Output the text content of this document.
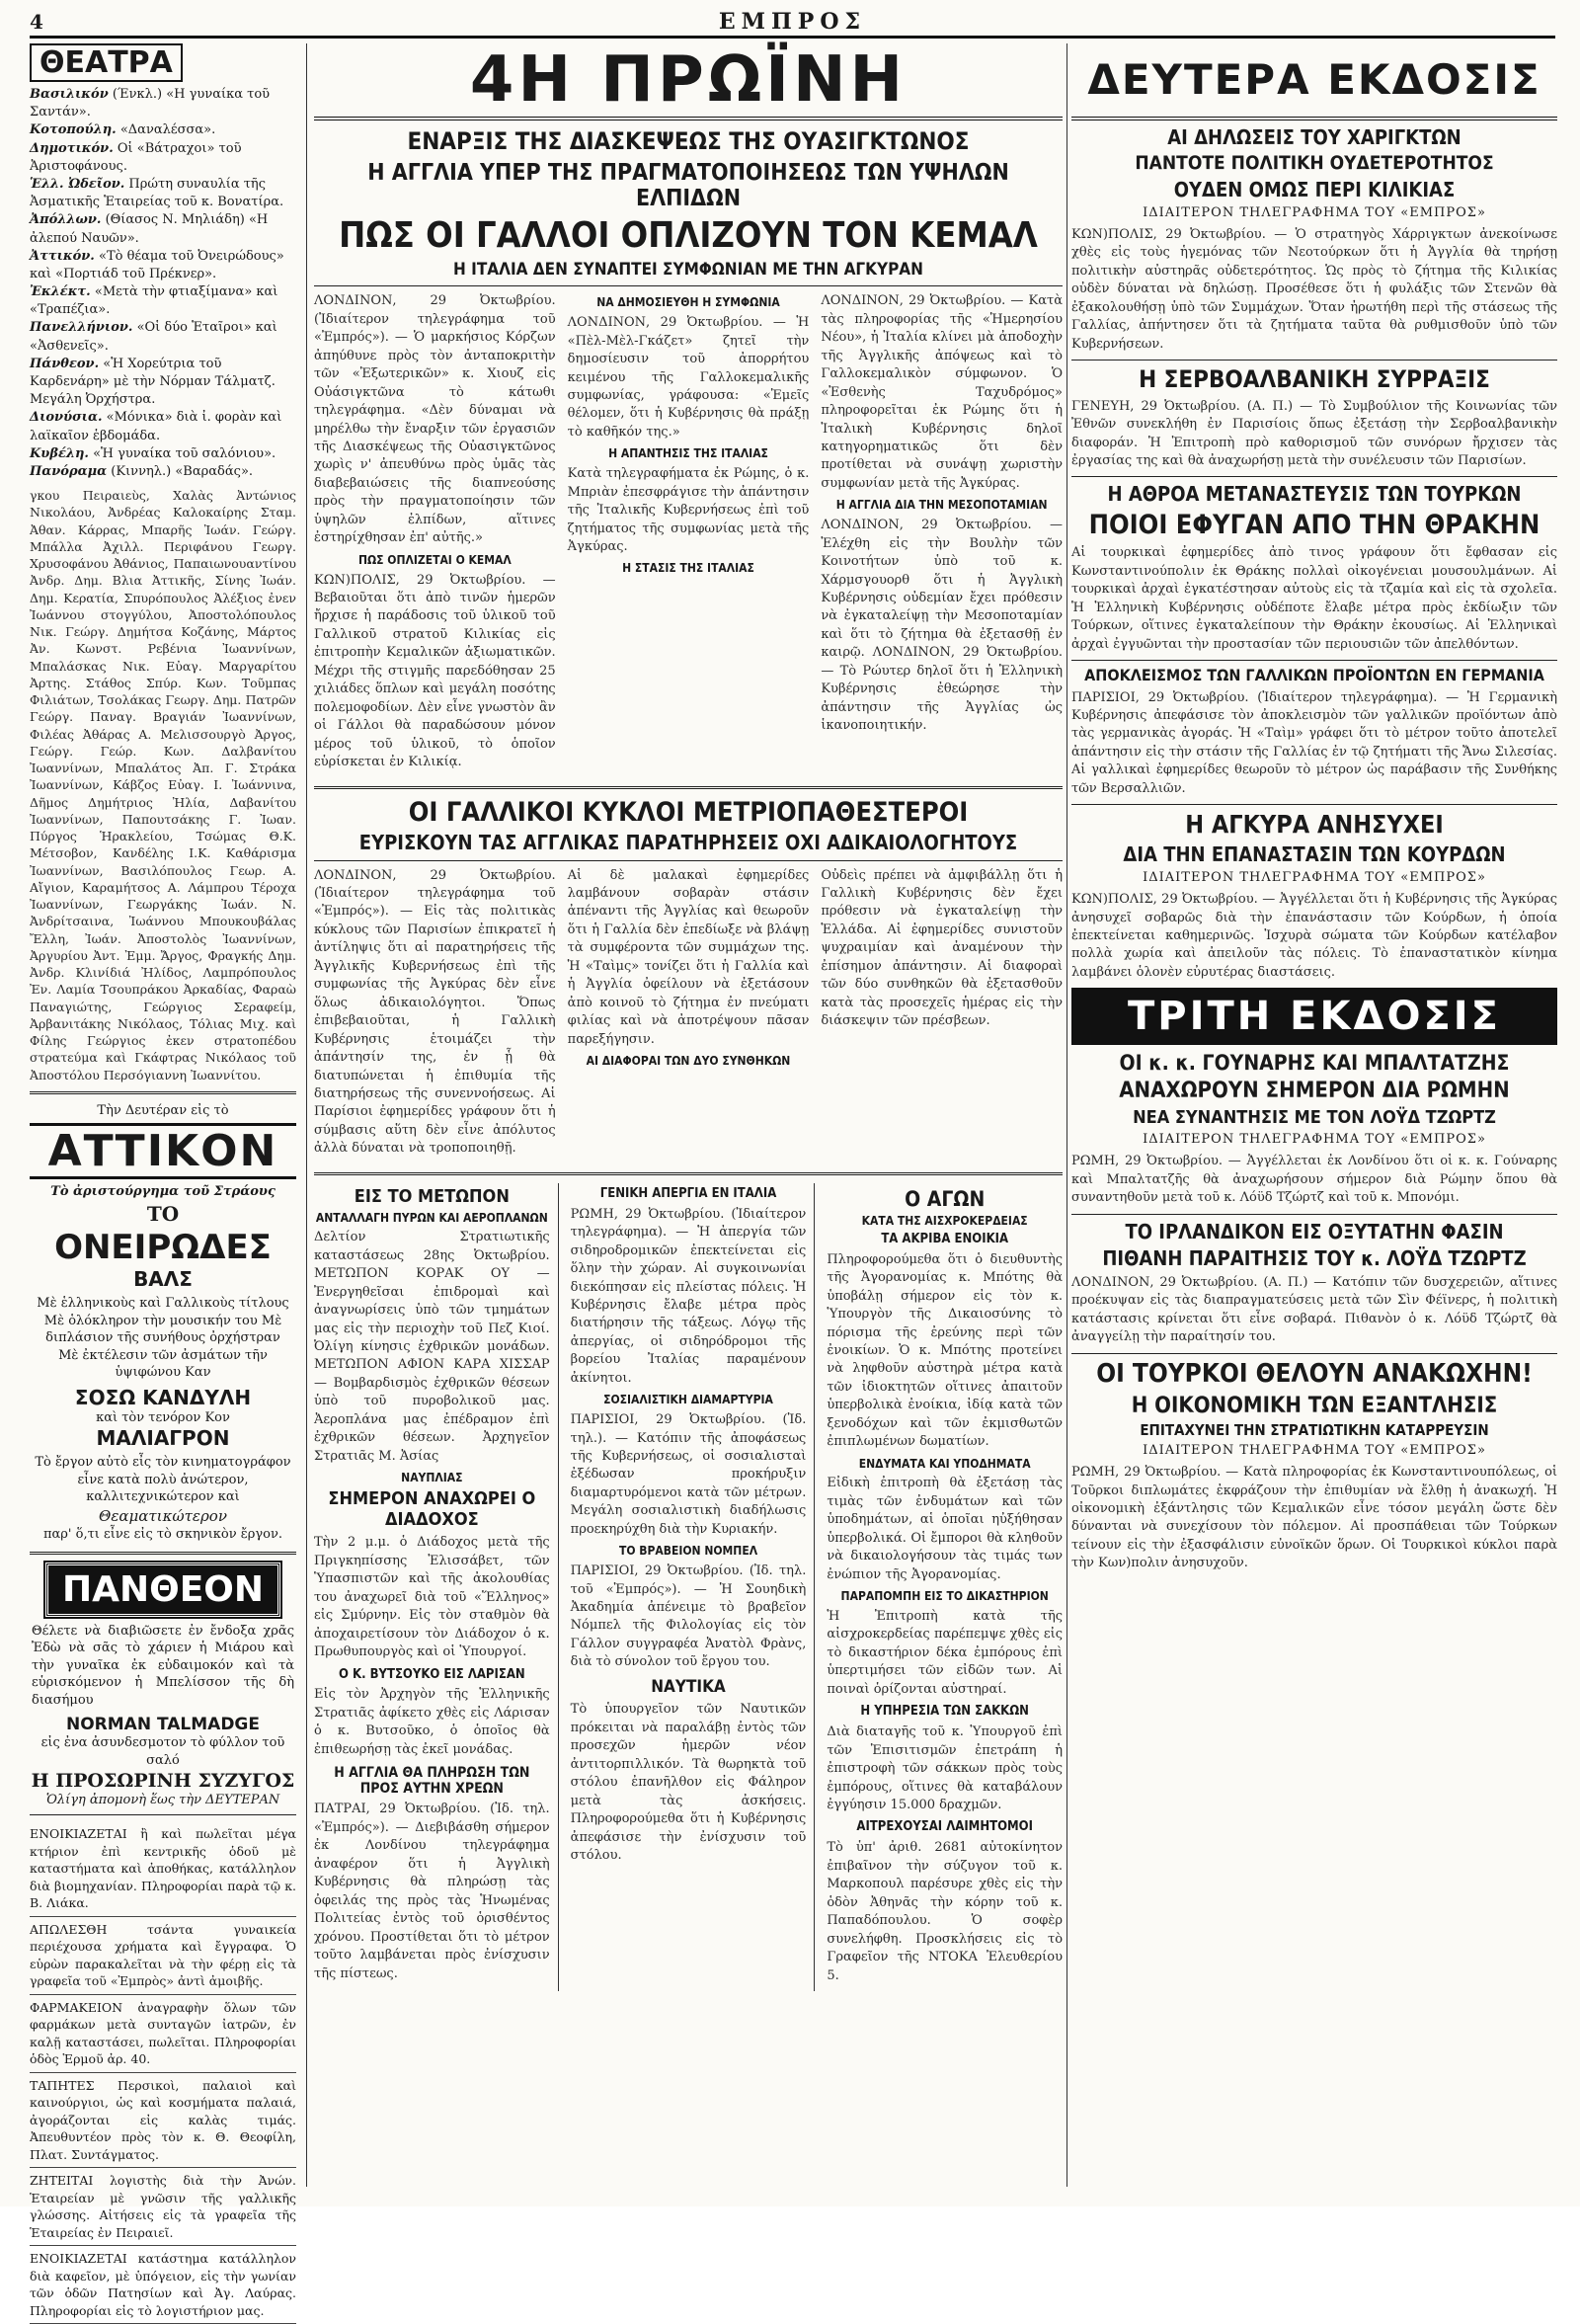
4	ΕΜΠΡΟΣ
ΘΕΑΤΡΑ

Βασιλικόν (Ένκλ.) «Η γυναίκα τοῦ Σαντάν».

Κοτοπούλη. «Δαναλέσσα».

Δημοτικόν. Οἱ «Βάτραχοι» τοῦ Ἀριστοφάνους.

Ἑλλ. Ὠδεῖον. Πρώτη συναυλία τῆς Ἀσματικῆς Ἑταιρείας τοῦ κ. Βονατίρα.

Ἀπόλλων. (Θίασος Ν. Μηλιάδη) «Η ἀλεπού Ναυῶν».

Ἀττικόν. «Τὸ θέαμα τοῦ Ὀνειρώδους» καὶ «Πορτιάδ τοῦ Πρέκνερ».

Ἐκλέκτ. «Μετὰ τὴν φτιαξίμανα» καὶ «Τραπέζια».

Πανελλήνιον. «Οἱ δύο Ἑταῖροι» καὶ «Ἀσθενεῖς».

Πάνθεον. «Ἡ Χορεύτρια τοῦ Καρδενάρη» μὲ τὴν Νόρμαν Τάλματζ. Μεγάλη Ὀρχήστρα.

Διονύσια. «Μόνικα» διὰ ἰ. φορὰν καὶ λαϊκαῖον ἑβδομάδα.

Κυβέλη. «Ἡ γυναίκα τοῦ σαλόνιου».

Πανόραμα (Κιννηλ.) «Βαραδάς».

γκου Πειραιεὺς, Χαλὰς Ἀντώνιος Νικολάου, Ἀνδρέας Καλοκαίρης Σταμ. Ἀθαν. Κάρρας, Μπαρῆς Ἰωάν. Γεώργ. Μπάλλα Ἀχιλλ. Περιφάνου Γεωργ. Χρυσοφάνου Ἀθάνιος, Παπαιωνουαντίνου Ἀνδρ. Δημ. Βλια Ἀττικῆς, Σίνης Ἰωάν. Δημ. Κερατία, Σπυρόπουλος Ἀλέξιος ἐνεν Ἰωάννου στογγύλου, Ἀποστολόπουλος Νικ. Γεώργ. Δημήτσα Κοζάνης, Μάρτος Ἀν. Κωνστ. Ρεβένια Ἰωαννίνων, Μπαλάσκας Νικ. Εὐαγ. Μαργαρίτου Ἀρτης. Στάθος Σπύρ. Κων. Τοῦμπας Φιλιάτων, Τσολάκας Γεωργ. Δημ. Πατρῶν Γεώργ. Παναγ. Βραγιάν Ἰωαννίνων, Φιλέας Ἀθάρας Α. Μελισσουργὸ Ἀργος, Γεώργ. Γεώρ. Κων. Δαλβανίτου Ἰωαννίνων, Μπαλάτος Ἀπ. Γ. Στράκα Ἰωαννίνων, Κάβζος Εὐαγ. Ι. Ἰωάννινα, Δῆμος Δημήτριος Ἠλία, Δαβανίτου Ἰωαννίνων, Παπουτσάκης Γ. Ἰωαν. Πύργος Ἡρακλείου, Τσώμας Θ.Κ. Μέτσοβον, Κανδέλης Ι.Κ. Καθάρισμα Ἰωαννίνων, Βασιλόπουλος Γεωρ. Α. Αἴγιον, Καραμήτσος Α. Λάμπρου Τέροχα Ἰωαννίνων, Γεωργάκης Ἰωάν. Ν. Ἀνδρίτσαινα, Ἰωάννου Μπουκουβάλας Ἔλλη, Ἰωάν. Ἀποστολὸς Ἰωαννίνων, Ἀργυρίου Ἀντ. Ἐμμ. Ἄργος, Φραγκής Δημ. Ἀνδρ. Κλινίδιά Ἠλίδος, Λαμπρόπουλος Ἐν. Λαμία Τσουπράκου Ἀρκαδίας, Φαραὼ Παναγιώτης, Γεώργιος Σεραφείμ, Ἀρβανιτάκης Νικόλαος, Τόλιας Μιχ. καὶ Φίλης Γεώργιος ἐκεν στρατοπέδου στρατεύμα καὶ Γκάφτρας Νικόλαος τοῦ Ἀποστόλου Περσόγιαννη Ἰωαννίτου.

Τὴν Δευτέραν εἰς τὸ
ΑΤΤΙΚΟΝ
Τὸ ἀριστούργημα τοῦ Στράους
ΤΟ
ΟΝΕΙΡΩΔΕΣ
ΒΑΛΣ
Μὲ ἑλληνικοὺς καὶ Γαλλικοὺς τίτλους Μὲ ὁλόκληρον τὴν μουσικήν του Μὲ διπλάσιον τῆς συνήθους ὀρχήστραν Μὲ ἐκτέλεσιν τῶν ἀσμάτων τῆν ὑψιφώνου Καν
ΣΟΣΩ ΚΑΝΔΥΛΗ
καὶ τὸν τενόρον Κον
ΜΑΛΙΑΓΡΟΝ
Τὸ ἔργον αὐτὸ εἶς τὸν κινηματογράφον εἶνε κατὰ πολὺ ἀνώτερον, καλλιτεχνικώτερον καὶ
Θεαματικώτερον
παρ' ὅ,τι εἶνε εἰς τὸ σκηνικὸν ἔργον.
ΠΑΝΘΕΟΝ
Θέλετε νὰ διαβιῶσετε ἐν ἔνδοξα χρᾶς Ἐδὼ νὰ σᾶς τὸ χάριεν ἡ Μιάρου καὶ τὴν γυναῖκα ἐκ εὐδαιμοκόν καὶ τὰ εὑρισκόμενον ἡ Μπελίσσον τῆς δὴ διασήμου
NORMAN TALMADGE
εἰς ἐνα ἀσυνδεσμοτον τὸ φύλλον τοῦ σαλό
Η ΠΡΟΣΩΡΙΝΗ ΣΥΖΥΓΟΣ
Ὁλίγη ἀπομονὴ ἕως τὴν ΔΕΥΤΕΡΑΝ

ΕΝΟΙΚΙΑΖΕΤΑΙ ἢ καὶ πωλεῖται μέγα κτήριον ἐπὶ κεντρικῆς ὁδοῦ μὲ καταστήματα καὶ ἀποθήκας, κατάλληλον διὰ βιομηχανίαν. Πληροφορίαι παρὰ τῷ κ. Β. Λιάκα.

ΑΠΩΛΕΣΘΗ τσάντα γυναικεία περιέχουσα χρήματα καὶ ἔγγραφα. Ὁ εὑρὼν παρακαλεῖται νὰ τὴν φέρῃ εἰς τὰ γραφεῖα τοῦ «Ἐμπρὸς» ἀντὶ ἀμοιβῆς.

ΦΑΡΜΑΚΕΙΟΝ ἀναγραφὴν ὅλων τῶν φαρμάκων μετὰ συνταγῶν ἰατρῶν, ἐν καλῇ καταστάσει, πωλεῖται. Πληροφορίαι ὁδὸς Ἑρμοῦ ἀρ. 40.

ΤΑΠΗΤΕΣ Περσικοὶ, παλαιοὶ καὶ καινούργιοι, ὡς καὶ κοσμήματα παλαιά, ἀγοράζονται εἰς καλὰς τιμάς. Ἀπευθυντέον πρὸς τὸν κ. Θ. Θεοφίλη, Πλατ. Συντάγματος.

ΖΗΤΕΙΤΑΙ λογιστὴς διὰ τὴν Ἀνών. Ἑταιρείαν μὲ γνῶσιν τῆς γαλλικῆς γλώσσης. Αἰτήσεις εἰς τὰ γραφεῖα τῆς Ἑταιρείας ἐν Πειραιεῖ.

ΕΝΟΙΚΙΑΖΕΤΑΙ κατάστημα κατάλληλον διὰ καφεῖον, μὲ ὑπόγειον, εἰς τὴν γωνίαν τῶν ὁδῶν Πατησίων καὶ Ἀγ. Λαύρας. Πληροφορίαι εἰς τὸ λογιστήριον μας.

4Η ΠΡΩΪΝΗ
ΕΝΑΡΞΙΣ ΤΗΣ ΔΙΑΣΚΕΨΕΩΣ ΤΗΣ ΟΥΑΣΙΓΚΤΩΝΟΣ
Η ΑΓΓΛΙΑ ΥΠΕΡ ΤΗΣ ΠΡΑΓΜΑΤΟΠΟΙΗΣΕΩΣ ΤΩΝ ΥΨΗΛΩΝ ΕΛΠΙΔΩΝ
ΠΩΣ ΟΙ ΓΑΛΛΟΙ ΟΠΛΙΖΟΥΝ ΤΟΝ ΚΕΜΑΛ
Η ΙΤΑΛΙΑ ΔΕΝ ΣΥΝΑΠΤΕΙ ΣΥΜΦΩΝΙΑΝ ΜΕ ΤΗΝ ΑΓΚΥΡΑΝ

ΛΟΝΔΙΝΟΝ, 29 Ὀκτωβρίου. (Ἰδιαίτερον τηλεγράφημα τοῦ «Ἐμπρός»). — Ὁ μαρκήσιος Κόρζων ἀπηύθυνε πρὸς τὸν ἀνταποκριτὴν τῶν «Ἐξωτερικῶν» κ. Χιουζ εἰς Οὐάσιγκτῶνα τὸ κάτωθι τηλεγράφημα. «Δὲν δύναμαι νὰ μηρέλθω τὴν ἔναρξιν τῶν ἐργασιῶν τῆς Διασκέψεως τῆς Οὐασιγκτῶνος χωρὶς ν' ἀπευθύνω πρὸς ὑμᾶς τὰς διαβεβαιώσεις τῆς διαπνεούσης πρὸς τὴν πραγματοποίησιν τῶν ὑψηλῶν ἐλπίδων, αἵτινες ἐστηρίχθησαν ἐπ' αὐτῆς.»

ΠΩΣ ΟΠΛΙΖΕΤΑΙ Ο ΚΕΜΑΛ

ΚΩΝ)ΠΟΛΙΣ, 29 Ὀκτωβρίου. — Βεβαιοῦται ὅτι ἀπὸ τινῶν ἡμερῶν ἤρχισε ἡ παράδοσις τοῦ ὑλικοῦ τοῦ Γαλλικοῦ στρατοῦ Κιλικίας εἰς ἐπιτροπὴν Κεμαλικῶν ἀξιωματικῶν. Μέχρι τῆς στιγμῆς παρεδόθησαν 25 χιλιάδες ὅπλων καὶ μεγάλη ποσότης πολεμοφοδίων. Δὲν εἶνε γνωστὸν ἂν οἱ Γάλλοι θὰ παραδώσουν μόνον μέρος τοῦ ὑλικοῦ, τὸ ὁποῖον εὑρίσκεται ἐν Κιλικίᾳ.

ΝΑ ΔΗΜΟΣΙΕΥΘΗ Η ΣΥΜΦΩΝΙΑ

ΛΟΝΔΙΝΟΝ, 29 Ὀκτωβρίου. — Ἡ «Πὲλ-Μὲλ-Γκάζετ» ζητεῖ τὴν δημοσίευσιν τοῦ ἀπορρήτου κειμένου τῆς Γαλλοκεμαλικῆς συμφωνίας, γράφουσα: «Ἐμεῖς θέλομεν, ὅτι ἡ Κυβέρνησις θὰ πράξῃ τὸ καθῆκόν της.»

Η ΑΠΑΝΤΗΣΙΣ ΤΗΣ ΙΤΑΛΙΑΣ

Κατὰ τηλεγραφήματα ἐκ Ρώμης, ὁ κ. Μπριὰν ἐπεσφράγισε τὴν ἀπάντησιν τῆς Ἰταλικῆς Κυβερνήσεως ἐπὶ τοῦ ζητήματος τῆς συμφωνίας μετὰ τῆς Ἀγκύρας.

Η ΣΤΑΣΙΣ ΤΗΣ ΙΤΑΛΙΑΣ

ΛΟΝΔΙΝΟΝ, 29 Ὀκτωβρίου. — Κατὰ τὰς πληροφορίας τῆς «Ἡμερησίου Νέου», ἡ Ἰταλία κλίνει μὰ ἀποδοχὴν τῆς Ἀγγλικῆς ἀπόψεως καὶ τὸ Γαλλοκεμαλικὸν σύμφωνον. Ὁ «Ἐσθενὴς Ταχυδρόμος» πληροφορεῖται ἐκ Ρώμης ὅτι ἡ Ἰταλικὴ Κυβέρνησις δηλοῖ κατηγορηματικῶς ὅτι δὲν προτίθεται νὰ συνάψῃ χωριστὴν συμφωνίαν μετὰ τῆς Ἀγκύρας.

Η ΑΓΓΛΙΑ ΔΙΑ ΤΗΝ ΜΕΣΟΠΟΤΑΜΙΑΝ

ΛΟΝΔΙΝΟΝ, 29 Ὀκτωβρίου. — Ἐλέχθη εἰς τὴν Βουλὴν τῶν Κοινοτήτων ὑπὸ τοῦ κ. Χάρμσγουορθ ὅτι ἡ Ἀγγλικὴ Κυβέρνησις οὐδεμίαν ἔχει πρόθεσιν νὰ ἐγκαταλείψῃ τὴν Μεσοποταμίαν καὶ ὅτι τὸ ζήτημα θὰ ἐξετασθῇ ἐν καιρῷ. ΛΟΝΔΙΝΟΝ, 29 Ὀκτωβρίου. — Τὸ Ρώυτερ δηλοῖ ὅτι ἡ Ἑλληνικὴ Κυβέρνησις ἐθεώρησε τὴν ἀπάντησιν τῆς Ἀγγλίας ὡς ἱκανοποιητικήν.

ΟΙ ΓΑΛΛΙΚΟΙ ΚΥΚΛΟΙ ΜΕΤΡΙΟΠΑΘΕΣΤΕΡΟΙ
ΕΥΡΙΣΚΟΥΝ ΤΑΣ ΑΓΓΛΙΚΑΣ ΠΑΡΑΤΗΡΗΣΕΙΣ ΟΧΙ ΑΔΙΚΑΙΟΛΟΓΗΤΟΥΣ

ΛΟΝΔΙΝΟΝ, 29 Ὀκτωβρίου. (Ἰδιαίτερον τηλεγράφημα τοῦ «Ἐμπρός»). — Εἰς τὰς πολιτικὰς κύκλους τῶν Παρισίων ἐπικρατεῖ ἡ ἀντίληψις ὅτι αἱ παρατηρήσεις τῆς Ἀγγλικῆς Κυβερνήσεως ἐπὶ τῆς συμφωνίας τῆς Ἀγκύρας δὲν εἶνε ὅλως ἀδικαιολόγητοι. Ὅπως ἐπιβεβαιοῦται, ἡ Γαλλικὴ Κυβέρνησις ἑτοιμάζει τὴν ἀπάντησίν της, ἐν ᾗ θὰ διατυπώνεται ἡ ἐπιθυμία τῆς διατηρήσεως τῆς συνεννοήσεως. Αἱ Παρίσιοι ἐφημερίδες γράφουν ὅτι ἡ σύμβασις αὕτη δὲν εἶνε ἀπόλυτος ἀλλὰ δύναται νὰ τροποποιηθῇ.

Αἱ δὲ μαλακαὶ ἐφημερίδες λαμβάνουν σοβαρὰν στάσιν ἀπέναντι τῆς Ἀγγλίας καὶ θεωροῦν ὅτι ἡ Γαλλία δὲν ἐπεδίωξε νὰ βλάψῃ τὰ συμφέροντα τῶν συμμάχων της. Ἡ «Ταὶμς» τονίζει ὅτι ἡ Γαλλία καὶ ἡ Ἀγγλία ὀφείλουν νὰ ἐξετάσουν ἀπὸ κοινοῦ τὸ ζήτημα ἐν πνεύματι φιλίας καὶ νὰ ἀποτρέψουν πᾶσαν παρεξήγησιν.

ΑΙ ΔΙΑΦΟΡΑΙ ΤΩΝ ΔΥΟ ΣΥΝΘΗΚΩΝ

Οὐδεὶς πρέπει νὰ ἀμφιβάλλῃ ὅτι ἡ Γαλλικὴ Κυβέρνησις δὲν ἔχει πρόθεσιν νὰ ἐγκαταλείψῃ τὴν Ἑλλάδα. Αἱ ἐφημερίδες συνιστοῦν ψυχραιμίαν καὶ ἀναμένουν τὴν ἐπίσημον ἀπάντησιν. Αἱ διαφοραὶ τῶν δύο συνθηκῶν θὰ ἐξετασθοῦν κατὰ τὰς προσεχεῖς ἡμέρας εἰς τὴν διάσκεψιν τῶν πρέσβεων.

ΕΙΣ ΤΟ ΜΕΤΩΠΟΝ
ΑΝΤΑΛΛΑΓΗ ΠΥΡΩΝ ΚΑΙ ΑΕΡΟΠΛΑΝΩΝ

Δελτίον Στρατιωτικῆς καταστάσεως 28ης Ὀκτωβρίου. ΜΕΤΩΠΟΝ ΚΟΡΑΚ ΟΥ — Ἐνεργηθεῖσαι ἐπιδρομαὶ καὶ ἀναγνωρίσεις ὑπὸ τῶν τμημάτων μας εἰς τὴν περιοχὴν τοῦ Πεζ Κιοί. Ὀλίγη κίνησις ἐχθρικῶν μονάδων. ΜΕΤΩΠΟΝ ΑΦΙΟΝ ΚΑΡΑ ΧΙΣΣΑΡ — Βομβαρδισμὸς ἐχθρικῶν θέσεων ὑπὸ τοῦ πυροβολικοῦ μας. Ἀεροπλάνα μας ἐπέδραμον ἐπὶ ἐχθρικῶν θέσεων. Ἀρχηγεῖον Στρατιᾶς Μ. Ἀσίας

ΝΑΥΠΛΙΑΣ
ΣΗΜΕΡΟΝ ΑΝΑΧΩΡΕΙ Ο ΔΙΑΔΟΧΟΣ

Τὴν 2 μ.μ. ὁ Διάδοχος μετὰ τῆς Πριγκηπίσσης Ἐλισσάβετ, τῶν Ὑπασπιστῶν καὶ τῆς ἀκολουθίας του ἀναχωρεῖ διὰ τοῦ «Ἕλληνος» εἰς Σμύρνην. Εἰς τὸν σταθμὸν θὰ ἀποχαιρετίσουν τὸν Διάδοχον ὁ κ. Πρωθυπουργὸς καὶ οἱ Ὑπουργοί.

Ο Κ. ΒΥΤΣΟΥΚΟ ΕΙΣ ΛΑΡΙΣΑΝ

Εἰς τὸν Ἀρχηγὸν τῆς Ἑλληνικῆς Στρατιᾶς ἀφίκετο χθὲς εἰς Λάρισαν ὁ κ. Βυτσοῦκο, ὁ ὁποῖος θὰ ἐπιθεωρήσῃ τὰς ἐκεῖ μονάδας.

Η ΑΓΓΛΙΑ ΘΑ ΠΛΗΡΩΣΗ ΤΩΝ ΠΡΟΣ ΑΥΤΗΝ ΧΡΕΩΝ

ΠΑΤΡΑΙ, 29 Ὀκτωβρίου. (Ἰδ. τηλ. «Ἐμπρός»). — Διεβιβάσθη σήμερον ἐκ Λονδίνου τηλεγράφημα ἀναφέρον ὅτι ἡ Ἀγγλικὴ Κυβέρνησις θὰ πληρώσῃ τὰς ὀφειλάς της πρὸς τὰς Ἡνωμένας Πολιτείας ἐντὸς τοῦ ὁρισθέντος χρόνου. Προστίθεται ὅτι τὸ μέτρον τοῦτο λαμβάνεται πρὸς ἐνίσχυσιν τῆς πίστεως.

ΓΕΝΙΚΗ ΑΠΕΡΓΙΑ ΕΝ ΙΤΑΛΙΑ

ΡΩΜΗ, 29 Ὀκτωβρίου. (Ἰδιαίτερον τηλεγράφημα). — Ἡ ἀπεργία τῶν σιδηροδρομικῶν ἐπεκτείνεται εἰς ὅλην τὴν χώραν. Αἱ συγκοινωνίαι διεκόπησαν εἰς πλείστας πόλεις. Ἡ Κυβέρνησις ἔλαβε μέτρα πρὸς διατήρησιν τῆς τάξεως. Λόγῳ τῆς ἀπεργίας, οἱ σιδηρόδρομοι τῆς βορείου Ἰταλίας παραμένουν ἀκίνητοι.

ΣΟΣΙΑΛΙΣΤΙΚΗ ΔΙΑΜΑΡΤΥΡΙΑ

ΠΑΡΙΣΙΟΙ, 29 Ὀκτωβρίου. (Ἰδ. τηλ.). — Κατόπιν τῆς ἀποφάσεως τῆς Κυβερνήσεως, οἱ σοσιαλισταὶ ἐξέδωσαν προκήρυξιν διαμαρτυρόμενοι κατὰ τῶν μέτρων. Μεγάλη σοσιαλιστικὴ διαδήλωσις προεκηρύχθη διὰ τὴν Κυριακήν.

ΤΟ ΒΡΑΒΕΙΟΝ ΝΟΜΠΕΛ

ΠΑΡΙΣΙΟΙ, 29 Ὀκτωβρίου. (Ἰδ. τηλ. τοῦ «Ἐμπρός»). — Ἡ Σουηδικὴ Ἀκαδημία ἀπένειμε τὸ βραβεῖον Νόμπελ τῆς Φιλολογίας εἰς τὸν Γάλλον συγγραφέα Ἀνατὸλ Φρὰνς, διὰ τὸ σύνολον τοῦ ἔργου του.

ΝΑΥΤΙΚΑ

Τὸ ὑπουργεῖον τῶν Ναυτικῶν πρόκειται νὰ παραλάβῃ ἐντὸς τῶν προσεχῶν ἡμερῶν νέον ἀντιτορπιλλικόν. Τὰ θωρηκτὰ τοῦ στόλου ἐπανῆλθον εἰς Φάληρον μετὰ τὰς ἀσκήσεις. Πληροφορούμεθα ὅτι ἡ Κυβέρνησις ἀπεφάσισε τὴν ἐνίσχυσιν τοῦ στόλου.

Ο ΑΓΩΝ
ΚΑΤΑ ΤΗΣ ΑΙΣΧΡΟΚΕΡΔΕΙΑΣ
ΤΑ ΑΚΡΙΒΑ ΕΝΟΙΚΙΑ

Πληροφορούμεθα ὅτι ὁ διευθυντὴς τῆς Ἀγορανομίας κ. Μπότης θὰ ὑποβάλῃ σήμερον εἰς τὸν κ. Ὑπουργὸν τῆς Δικαιοσύνης τὸ πόρισμα τῆς ἐρεύνης περὶ τῶν ἐνοικίων. Ὁ κ. Μπότης προτείνει νὰ ληφθοῦν αὐστηρὰ μέτρα κατὰ τῶν ἰδιοκτητῶν οἵτινες ἀπαιτοῦν ὑπερβολικὰ ἐνοίκια, ἰδίᾳ κατὰ τῶν ξενοδόχων καὶ τῶν ἐκμισθωτῶν ἐπιπλωμένων δωματίων.

ΕΝΔΥΜΑΤΑ ΚΑΙ ΥΠΟΔΗΜΑΤΑ

Εἰδικὴ ἐπιτροπὴ θὰ ἐξετάσῃ τὰς τιμὰς τῶν ἐνδυμάτων καὶ τῶν ὑποδημάτων, αἱ ὁποῖαι ηὐξήθησαν ὑπερβολικά. Οἱ ἔμποροι θὰ κληθοῦν νὰ δικαιολογήσουν τὰς τιμάς των ἐνώπιον τῆς Ἀγορανομίας.

ΠΑΡΑΠΟΜΠΗ ΕΙΣ ΤΟ ΔΙΚΑΣΤΗΡΙΟΝ

Ἡ Ἐπιτροπὴ κατὰ τῆς αἰσχροκερδείας παρέπεμψε χθὲς εἰς τὸ δικαστήριον δέκα ἐμπόρους ἐπὶ ὑπερτιμήσει τῶν εἰδῶν των. Αἱ ποιναὶ ὁρίζονται αὐστηραί.

Η ΥΠΗΡΕΣΙΑ ΤΩΝ ΣΑΚΚΩΝ

Διὰ διαταγῆς τοῦ κ. Ὑπουργοῦ ἐπὶ τῶν Ἐπισιτισμῶν ἐπετράπη ἡ ἐπιστροφὴ τῶν σάκκων πρὸς τοὺς ἐμπόρους, οἵτινες θὰ καταβάλουν ἐγγύησιν 15.000 δραχμῶν.

ΑΙΤΡΕΧΟΥΣΑΙ ΛΑΙΜΗΤΟΜΟΙ

Τὸ ὑπ' ἀριθ. 2681 αὐτοκίνητον ἐπιβαῖνον τὴν σύζυγον τοῦ κ. Μαρκοπουλ παρέσυρε χθὲς εἰς τὴν ὁδὸν Ἀθηνᾶς τὴν κόρην τοῦ κ. Παπαδόπουλου. Ὁ σοφὲρ συνελήφθη. Προσκλήσεις εἰς τὸ Γραφεῖον τῆς ΝΤΟΚΑ Ἐλευθερίου 5.

ΔΕΥΤΕΡΑ ΕΚΔΟΣΙΣ
ΑΙ ΔΗΛΩΣΕΙΣ ΤΟΥ ΧΑΡΙΓΚΤΩΝ
ΠΑΝΤΟΤΕ ΠΟΛΙΤΙΚΗ ΟΥΔΕΤΕΡΟΤΗΤΟΣ
ΟΥΔΕΝ ΟΜΩΣ ΠΕΡΙ ΚΙΛΙΚΙΑΣ
ΙΔΙΑΙΤΕΡΟΝ ΤΗΛΕΓΡΑΦΗΜΑ ΤΟΥ «ΕΜΠΡΟΣ»

ΚΩΝ)ΠΟΛΙΣ, 29 Ὀκτωβρίου. — Ὁ στρατηγὸς Χάρριγκτων ἀνεκοίνωσε χθὲς εἰς τοὺς ἡγεμόνας τῶν Νεοτούρκων ὅτι ἡ Ἀγγλία θὰ τηρήσῃ πολιτικὴν αὐστηρᾶς οὐδετερότητος. Ὡς πρὸς τὸ ζήτημα τῆς Κιλικίας οὐδὲν δύναται νὰ δηλώσῃ. Προσέθεσε ὅτι ἡ φυλάξις τῶν Στενῶν θὰ ἐξακολουθήσῃ ὑπὸ τῶν Συμμάχων. Ὅταν ἠρωτήθη περὶ τῆς στάσεως τῆς Γαλλίας, ἀπήντησεν ὅτι τὰ ζητήματα ταῦτα θὰ ρυθμισθοῦν ὑπὸ τῶν Κυβερνήσεων.

Η ΣΕΡΒΟΑΛΒΑΝΙΚΗ ΣΥΡΡΑΞΙΣ

ΓΕΝΕΥΗ, 29 Ὀκτωβρίου. (Α. Π.) — Τὸ Συμβούλιον τῆς Κοινωνίας τῶν Ἐθνῶν συνεκλήθη ἐν Παρισίοις ὅπως ἐξετάσῃ τὴν Σερβοαλβανικὴν διαφοράν. Ἡ Ἐπιτροπὴ πρὸ καθορισμοῦ τῶν συνόρων ἤρχισεν τὰς ἐργασίας της καὶ θὰ ἀναχωρήσῃ μετὰ τὴν συνέλευσιν τῶν Παρισίων.

Η ΑΘΡΟΑ ΜΕΤΑΝΑΣΤΕΥΣΙΣ ΤΩΝ ΤΟΥΡΚΩΝ
ΠΟΙΟΙ ΕΦΥΓΑΝ ΑΠΟ ΤΗΝ ΘΡΑΚΗΝ

Αἱ τουρκικαὶ ἐφημερίδες ἀπὸ τινος γράφουν ὅτι ἔφθασαν εἰς Κωνσταντινούπολιν ἐκ Θράκης πολλαὶ οἰκογένειαι μουσουλμάνων. Αἱ τουρκικαὶ ἀρχαὶ ἐγκατέστησαν αὐτοὺς εἰς τὰ τζαμία καὶ εἰς τὰ σχολεῖα. Ἡ Ἑλληνικὴ Κυβέρνησις οὐδέποτε ἔλαβε μέτρα πρὸς ἐκδίωξιν τῶν Τούρκων, οἵτινες ἐγκαταλείπουν τὴν Θράκην ἐκουσίως. Αἱ Ἑλληνικαὶ ἀρχαὶ ἐγγυῶνται τὴν προστασίαν τῶν περιουσιῶν τῶν ἀπελθόντων.

ΑΠΟΚΛΕΙΣΜΟΣ ΤΩΝ ΓΑΛΛΙΚΩΝ ΠΡΟΪΟΝΤΩΝ ΕΝ ΓΕΡΜΑΝΙΑ

ΠΑΡΙΣΙΟΙ, 29 Ὀκτωβρίου. (Ἰδιαίτερον τηλεγράφημα). — Ἡ Γερμανικὴ Κυβέρνησις ἀπεφάσισε τὸν ἀποκλεισμὸν τῶν γαλλικῶν προϊόντων ἀπὸ τὰς γερμανικὰς ἀγοράς. Ἡ «Ταὶμ» γράφει ὅτι τὸ μέτρον τοῦτο ἀποτελεῖ ἀπάντησιν εἰς τὴν στάσιν τῆς Γαλλίας ἐν τῷ ζητήματι τῆς Ἄνω Σιλεσίας. Αἱ γαλλικαὶ ἐφημερίδες θεωροῦν τὸ μέτρον ὡς παράβασιν τῆς Συνθήκης τῶν Βερσαλλιῶν.

Η ΑΓΚΥΡΑ ΑΝΗΣΥΧΕΙ
ΔΙΑ ΤΗΝ ΕΠΑΝΑΣΤΑΣΙΝ ΤΩΝ ΚΟΥΡΔΩΝ
ΙΔΙΑΙΤΕΡΟΝ ΤΗΛΕΓΡΑΦΗΜΑ ΤΟΥ «ΕΜΠΡΟΣ»

ΚΩΝ)ΠΟΛΙΣ, 29 Ὀκτωβρίου. — Ἀγγέλλεται ὅτι ἡ Κυβέρνησις τῆς Ἀγκύρας ἀνησυχεῖ σοβαρῶς διὰ τὴν ἐπανάστασιν τῶν Κούρδων, ἡ ὁποία ἐπεκτείνεται καθημερινῶς. Ἰσχυρὰ σώματα τῶν Κούρδων κατέλαβον πολλὰ χωρία καὶ ἀπειλοῦν τὰς πόλεις. Τὸ ἐπαναστατικὸν κίνημα λαμβάνει ὁλονὲν εὐρυτέρας διαστάσεις.

ΤΡΙΤΗ ΕΚΔΟΣΙΣ
ΟΙ κ. κ. ΓΟΥΝΑΡΗΣ ΚΑΙ ΜΠΑΛΤΑΤΖΗΣ
ΑΝΑΧΩΡΟΥΝ ΣΗΜΕΡΟΝ ΔΙΑ ΡΩΜΗΝ
ΝΕΑ ΣΥΝΑΝΤΗΣΙΣ ΜΕ ΤΟΝ ΛΟΫΔ ΤΖΩΡΤΖ
ΙΔΙΑΙΤΕΡΟΝ ΤΗΛΕΓΡΑΦΗΜΑ ΤΟΥ «ΕΜΠΡΟΣ»

ΡΩΜΗ, 29 Ὀκτωβρίου. — Ἀγγέλλεται ἐκ Λονδίνου ὅτι οἱ κ. κ. Γούναρης καὶ Μπαλτατζῆς θὰ ἀναχωρήσουν σήμερον διὰ Ρώμην ὅπου θὰ συναντηθοῦν μετὰ τοῦ κ. Λόϋδ Τζώρτζ καὶ τοῦ κ. Μπονόμι.

ΤΟ ΙΡΛΑΝΔΙΚΟΝ ΕΙΣ ΟΞΥΤΑΤΗΝ ΦΑΣΙΝ
ΠΙΘΑΝΗ ΠΑΡΑΙΤΗΣΙΣ ΤΟΥ κ. ΛΟΫΔ ΤΖΩΡΤΖ

ΛΟΝΔΙΝΟΝ, 29 Ὀκτωβρίου. (Α. Π.) — Κατόπιν τῶν δυσχερειῶν, αἵτινες προέκυψαν εἰς τὰς διαπραγματεύσεις μετὰ τῶν Σὶν Φέϊνερς, ἡ πολιτικὴ κατάστασις κρίνεται ὅτι εἶνε σοβαρά. Πιθανὸν ὁ κ. Λόϋδ Τζώρτζ θὰ ἀναγγείλῃ τὴν παραίτησίν του.

ΟΙ ΤΟΥΡΚΟΙ ΘΕΛΟΥΝ ΑΝΑΚΩΧΗΝ!
Η ΟΙΚΟΝΟΜΙΚΗ ΤΩΝ ΕΞΑΝΤΛΗΣΙΣ
ΕΠΙΤΑΧΥΝΕΙ ΤΗΝ ΣΤΡΑΤΙΩΤΙΚΗΝ ΚΑΤΑΡΡΕΥΣΙΝ
ΙΔΙΑΙΤΕΡΟΝ ΤΗΛΕΓΡΑΦΗΜΑ ΤΟΥ «ΕΜΠΡΟΣ»

ΡΩΜΗ, 29 Ὀκτωβρίου. — Κατὰ πληροφορίας ἐκ Κωνσταντινουπόλεως, οἱ Τοῦρκοι διπλωμάτες ἐκφράζουν τὴν ἐπιθυμίαν νὰ ἔλθῃ ἡ ἀνακωχή. Ἡ οἰκονομικὴ ἐξάντλησις τῶν Κεμαλικῶν εἶνε τόσον μεγάλη ὥστε δὲν δύνανται νὰ συνεχίσουν τὸν πόλεμον. Αἱ προσπάθειαι τῶν Τούρκων τείνουν εἰς τὴν ἐξασφάλισιν εὐνοϊκῶν ὅρων. Οἱ Τουρκικοὶ κύκλοι παρὰ τὴν Κων)πολιν ἀνησυχοῦν.
